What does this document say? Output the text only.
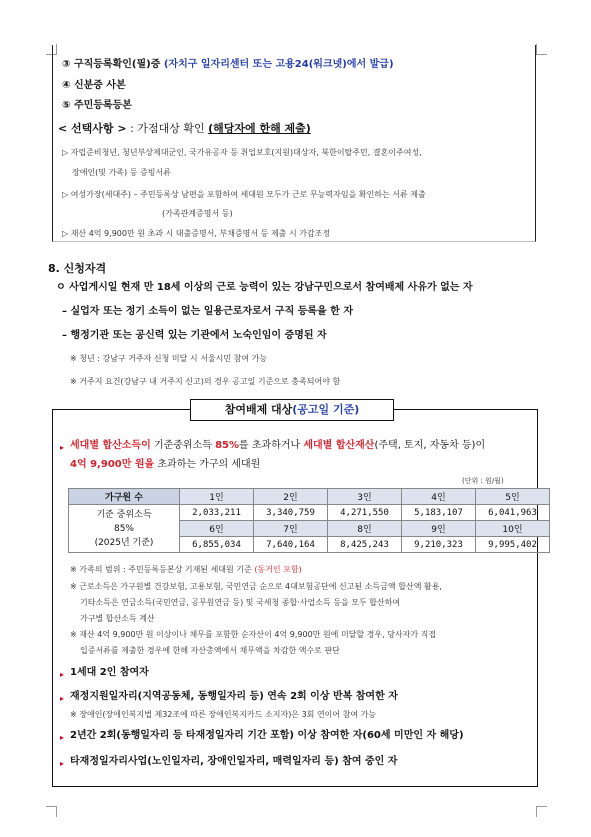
③ 구직등록확인(필)증 (자치구 일자리센터 또는 고용24(워크넷)에서 발급)
④ 신분증 사본
⑤ 주민등록등본
< 선택사항 > : 가점대상 확인 (해당자에 한해 제출)
▷ 자립준비청년, 청년부상제대군인, 국가유공자 등 취업보호(지원)대상자, 북한이탈주민, 결혼이주여성,
장애인(및 가족) 등 증빙서류
▷ 여성가장(세대주) – 주민등록상 남편을 포함하여 세대원 모두가 근로 무능력자임을 확인하는 서류 제출
(가족관계증명서 등)
▷ 재산 4억 9,900만 원 초과 시 대출증명서, 부채증명서 등 제출 시 가감조정
8. 신청자격
ㅇ 사업게시일 현재 만 18세 이상의 근로 능력이 있는 강남구민으로서 참여배제 사유가 없는 자
– 실업자 또는 정기 소득이 없는 일용근로자로서 구직 등록을 한 자
– 행정기관 또는 공신력 있는 기관에서 노숙인임이 증명된 자
※ 청년 : 강남구 거주자 신청 미달 시 서울시민 참여 가능
※ 거주지 요건(강남구 내 거주지 신고)의 경우 공고일 기준으로 충족되어야 함
참여배제 대상(공고일 기준)
▸ 세대별 합산소득이 기준중위소득 85%를 초과하거나 세대별 합산재산(주택, 토지, 자동차 등)이
4억 9,900만 원을 초과하는 가구의 세대원
(단위 : 원/월)
가구원 수	1인	2인	3인	4인	5인

기준 중위소득
85%
(2025년 기준)	2,033,211	3,340,759	4,271,550	5,183,107	6,041,963
	6인	7인	8인	9인	10인
	6,855,034	7,640,164	8,425,243	9,210,323	9,995,402
※ 가족의 범위 : 주민등록등본상 기재된 세대원 기준 (동거인 포함)
※ 근로소득은 가구원별 건강보험, 고용보험, 국민연금 순으로 4대보험공단에 신고된 소득금액 합산액 활용,
기타소득은 연금소득(국민연금, 공무원연금 등) 및 국세청 종합·사업소득 등을 모두 합산하여
가구별 합산소득 계산
※ 재산 4억 9,900만 원 이상이나 채무를 포함한 순자산이 4억 9,900만 원에 미달할 경우, 당사자가 직접
입증서류를 제출한 경우에 한해 자산총액에서 채무액을 차감한 액수로 판단
▸ 1세대 2인 참여자
▸ 재정지원일자리(지역공동체, 동행일자리 등) 연속 2회 이상 반복 참여한 자
※ 장애인(장애인복지법 제32조에 따른 장애인복지카드 소지자)은 3회 연이어 참여 가능
▸ 2년간 2회(동행일자리 등 타재정일자리 기간 포함) 이상 참여한 자(60세 미만인 자 해당)
▸ 타재정일자리사업(노인일자리, 장애인일자리, 매력일자리 등) 참여 중인 자
